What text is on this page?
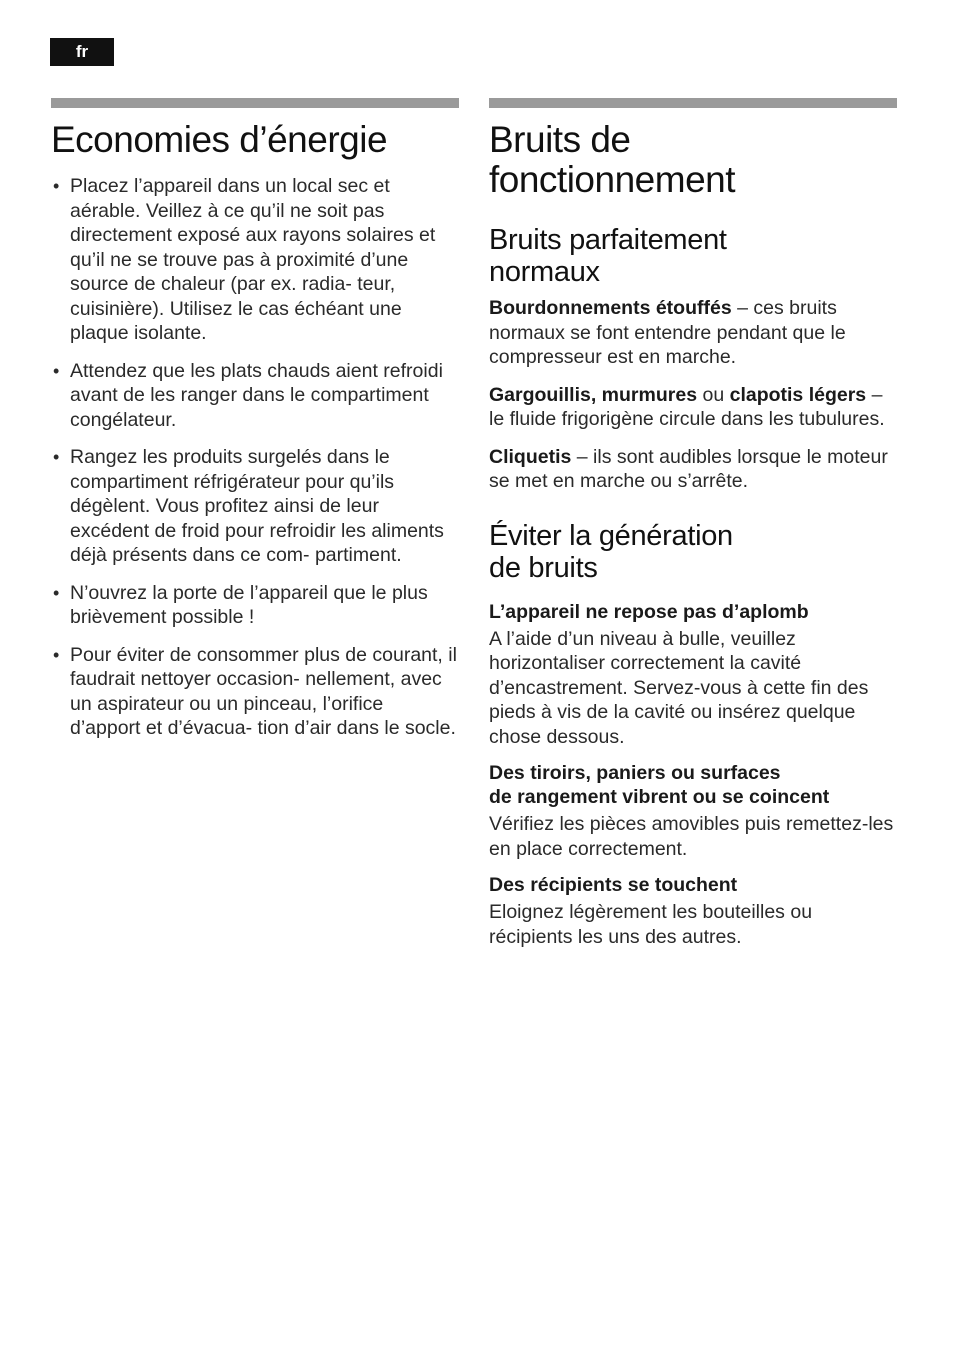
fr
Economies d’énergie
• Placez l’appareil dans un local sec et aérable. Veillez à ce qu’il ne soit pas directement exposé aux rayons solaires et qu’il ne se trouve pas à proximité d’une source de chaleur (par ex. radia- teur, cuisinière). Utilisez le cas échéant une plaque isolante.
• Attendez que les plats chauds aient refroidi avant de les ranger dans le compartiment congélateur.
• Rangez les produits surgelés dans le compartiment réfrigérateur pour qu’ils dégèlent. Vous profitez ainsi de leur excédent de froid pour refroidir les aliments déjà présents dans ce com- partiment.
• N’ouvrez la porte de l’appareil que le plus brièvement possible !
• Pour éviter de consommer plus de courant, il faudrait nettoyer occasion- nellement, avec un aspirateur ou un pinceau, l’orifice d’apport et d’évacua- tion d’air dans le socle.
Bruits de
fonctionnement
Bruits parfaitement
normaux

Bourdonnements étouffés – ces bruits normaux se font entendre pendant que le compresseur est en marche.

Gargouillis, murmures ou clapotis légers – le fluide frigorigène circule dans les tubulures.

Cliquetis – ils sont audibles lorsque le moteur se met en marche ou s’arrête.

Éviter la génération
de bruits

L’appareil ne repose pas d’aplomb

A l’aide d’un niveau à bulle, veuillez horizontaliser correctement la cavité d’encastrement. Servez-vous à cette fin des pieds à vis de la cavité ou insérez quelque chose dessous.

Des tiroirs, paniers ou surfaces
de rangement vibrent ou se coincent

Vérifiez les pièces amovibles puis remettez-les en place correctement.

Des récipients se touchent

Eloignez légèrement les bouteilles ou récipients les uns des autres.
